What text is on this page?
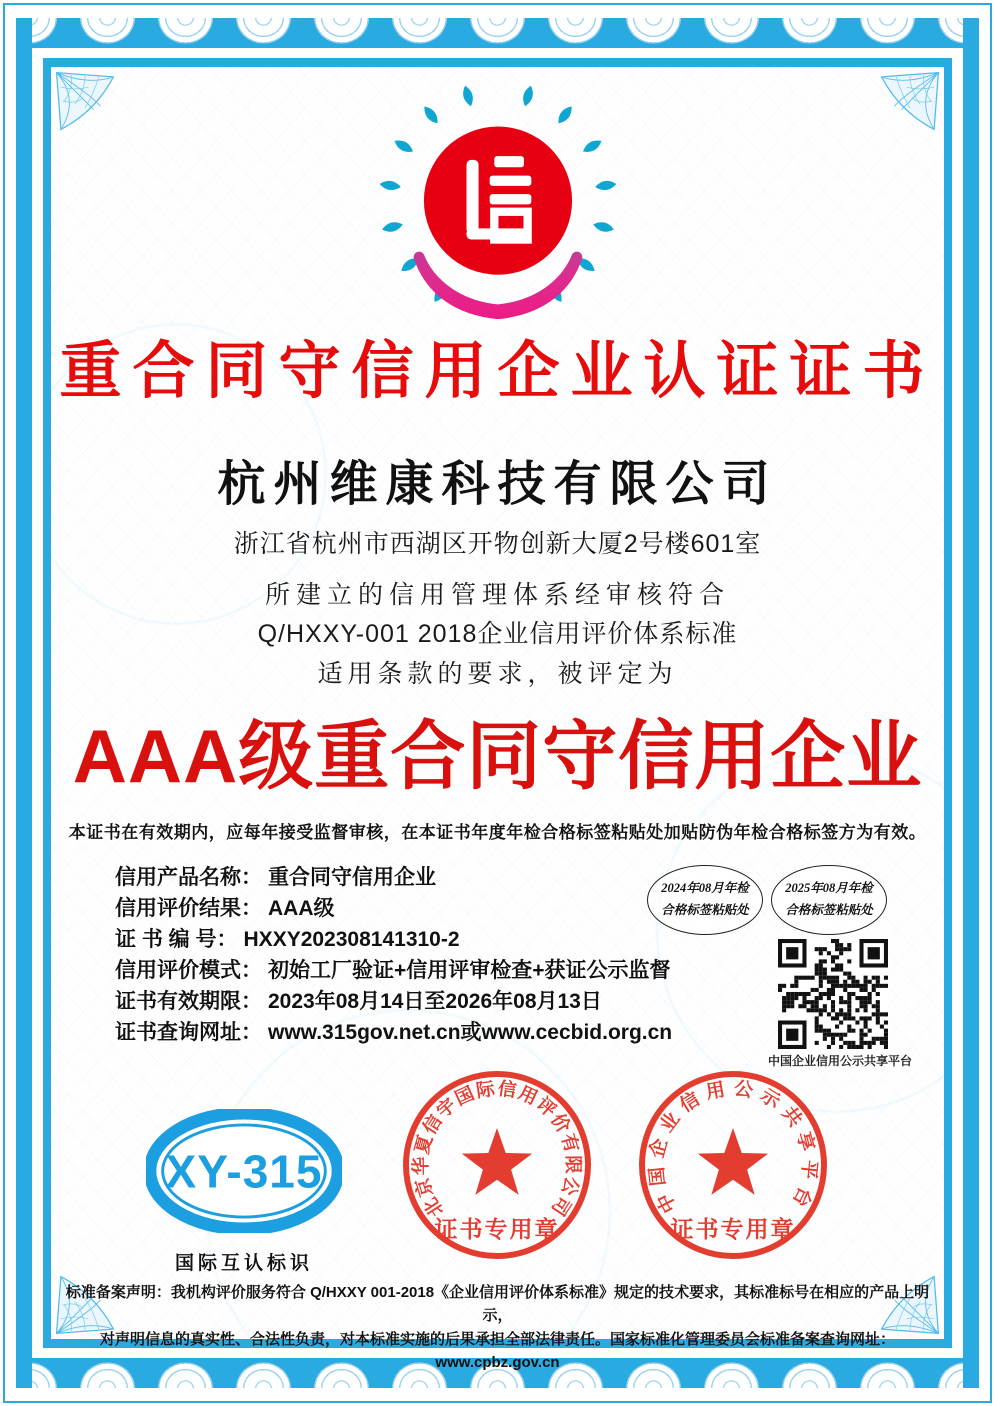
重合同守信用企业认证证书
杭州维康科技有限公司
浙江省杭州市西湖区开物创新大厦2号楼601室
所建立的信用管理体系经审核符合
Q/HXXY-001 2018企业信用评价体系标准
适用条款的要求，被评定为
AAA级重合同守信用企业
本证书在有效期内，应每年接受监督审核，在本证书年度年检合格标签粘贴处加贴防伪年检合格标签方为有效。
信用产品名称： 重合同守信用企业
信用评价结果： AAA级
证 书 编 号： HXXY202308141310-2
信用评价模式： 初始工厂验证+信用评审检查+获证公示监督
证书有效期限： 2023年08月14日至2026年08月13日
证书查询网址： www.315gov.net.cn或www.cecbid.org.cn
2024年08月年检
合格标签粘贴处
2025年08月年检
合格标签粘贴处
中国企业信用公示共享平台
XY-315
国际互认标识
北京华夏信宇国际信用评价有限公司
证书专用章
中国企业信用公示共享平台
证书专用章
标准备案声明：我机构评价服务符合 Q/HXXY 001-2018《企业信用评价体系标准》规定的技术要求，其标准标号在相应的产品上明示，
对声明信息的真实性、合法性负责，对本标准实施的后果承担全部法律责任。国家标准化管理委员会标准备案查询网址：www.cpbz.gov.cn
